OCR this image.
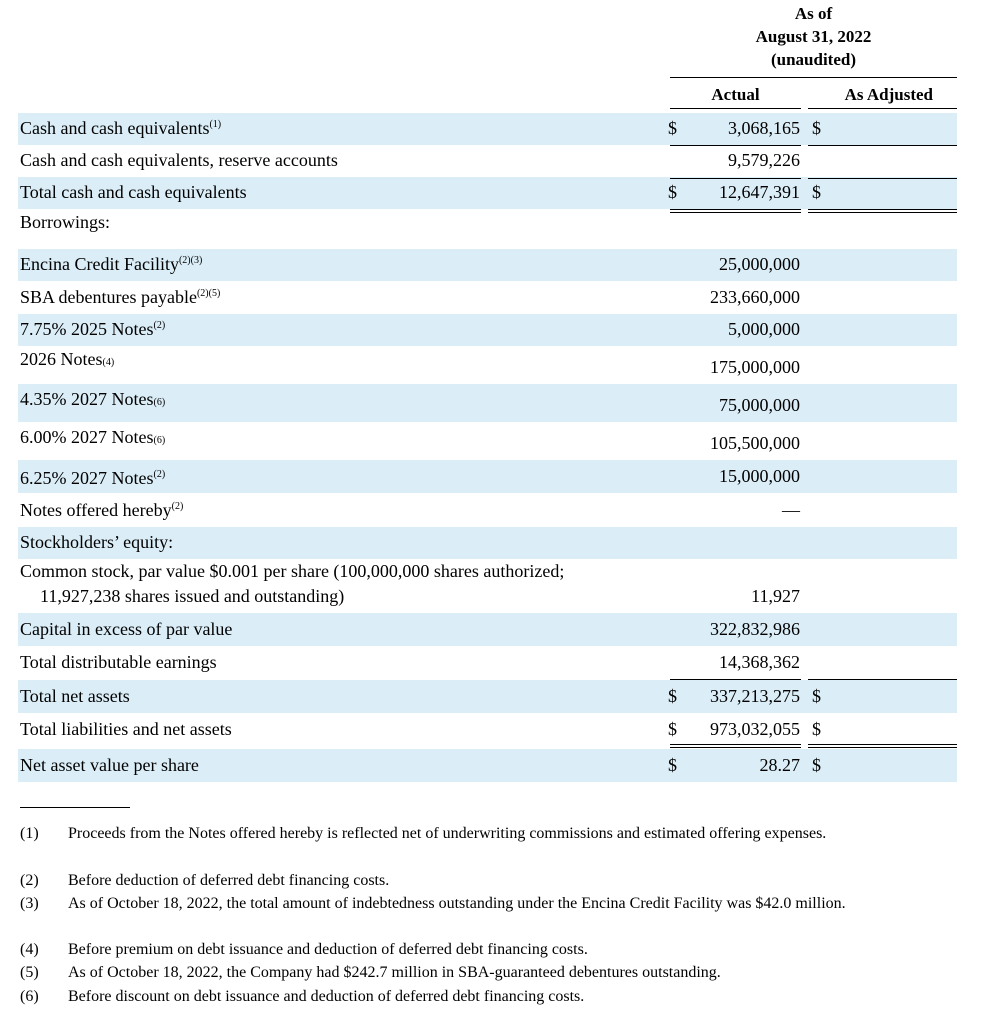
As of
August 31, 2022
(unaudited)
Actual	As Adjusted
Cash and cash equivalents$^{(1)}$	$	3,068,165 $
Cash and cash equivalents, reserve accounts	9,579,226
Total cash and cash equivalents	$ 12,647,391 $
Borrowings:
Encina Credit Facility$^{(2)(3)}$	25,000,000
SBA debentures payable$^{(2)(5)}$	233,660,000
7.75% 2025 Notes$^{(2)}$	5,000,000
2026 Notes(4)	175,000,000
4.35% 2027 Notes(6)	75,000,000
6.00% 2027 Notes(6)	105,500,000
6.25% 2027 Notes$^{(2)}$	15,000,000
Notes offered hereby$^{(2)}$	—
Stockholders’ equity:
Common stock, par value $0.001 per share (100,000,000 shares authorized;
11,927,238 shares issued and outstanding)	11,927
Capital in excess of par value	322,832,986
Total distributable earnings	14,368,362
Total net assets	$ 337,213,275 $
Total liabilities and net assets	$ 973,032,055 $
Net asset value per share	$	28.27 $
(1) Proceeds from the Notes offered hereby is reflected net of underwriting commissions and estimated offering expenses.
(2) Before deduction of deferred debt financing costs.
(3) As of October 18, 2022, the total amount of indebtedness outstanding under the Encina Credit Facility was $42.0 million.
(4) Before premium on debt issuance and deduction of deferred debt financing costs.
(5) As of October 18, 2022, the Company had $242.7 million in SBA-guaranteed debentures outstanding.
(6) Before discount on debt issuance and deduction of deferred debt financing costs.
